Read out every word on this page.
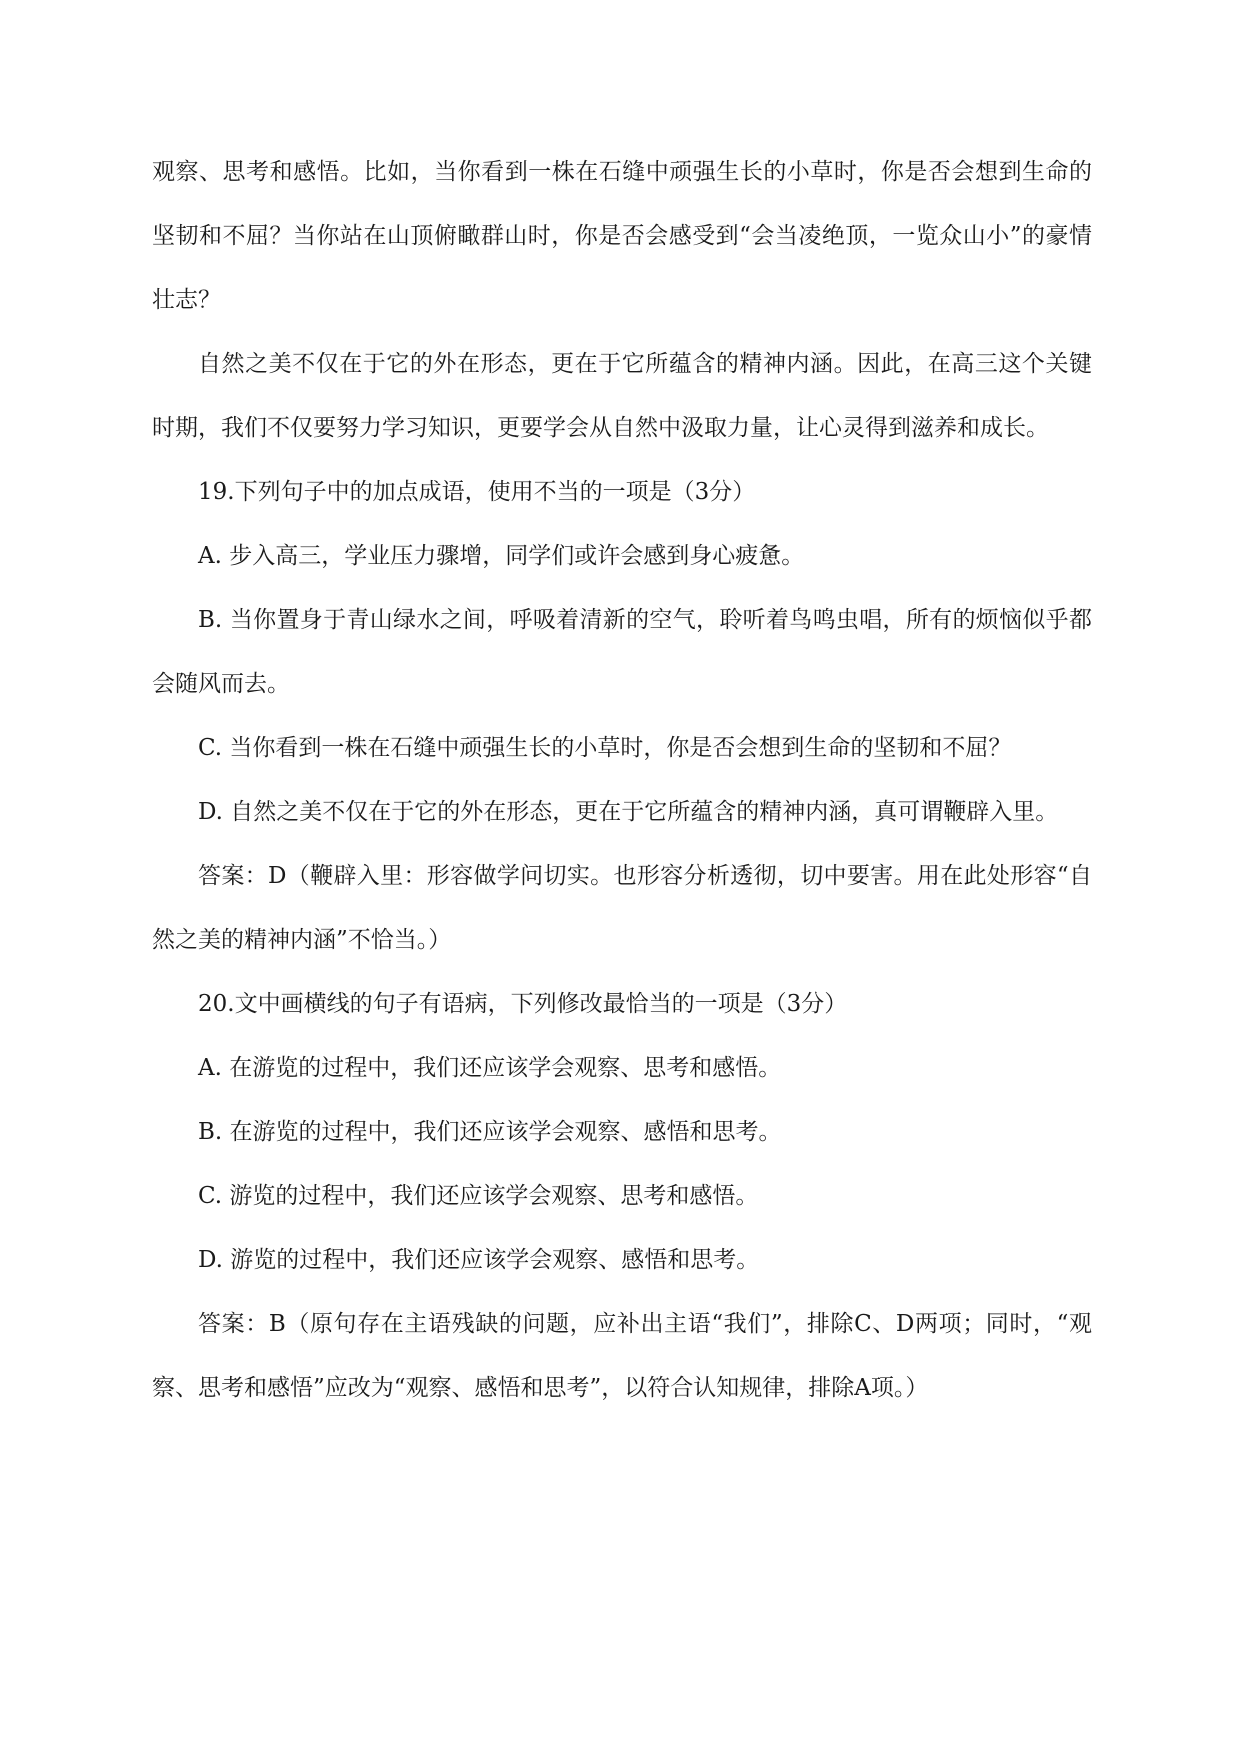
观察、思考和感悟。比如，当你看到一株在石缝中顽强生长的小草时，你是否会想到生命的坚韧和不屈？当你站在山顶俯瞰群山时，你是否会感受到“会当凌绝顶，一览众山小”的豪情壮志？

自然之美不仅在于它的外在形态，更在于它所蕴含的精神内涵。因此，在高三这个关键时期，我们不仅要努力学习知识，更要学会从自然中汲取力量，让心灵得到滋养和成长。

19.下列句子中的加点成语，使用不当的一项是（3分）

A. 步入高三，学业压力骤增，同学们或许会感到身心疲惫。

B. 当你置身于青山绿水之间，呼吸着清新的空气，聆听着鸟鸣虫唱，所有的烦恼似乎都会随风而去。

C. 当你看到一株在石缝中顽强生长的小草时，你是否会想到生命的坚韧和不屈？

D. 自然之美不仅在于它的外在形态，更在于它所蕴含的精神内涵，真可谓鞭辟入里。

答案：D（鞭辟入里：形容做学问切实。也形容分析透彻，切中要害。用在此处形容“自然之美的精神内涵”不恰当。）

20.文中画横线的句子有语病，下列修改最恰当的一项是（3分）

A. 在游览的过程中，我们还应该学会观察、思考和感悟。

B. 在游览的过程中，我们还应该学会观察、感悟和思考。

C. 游览的过程中，我们还应该学会观察、思考和感悟。

D. 游览的过程中，我们还应该学会观察、感悟和思考。

答案：B（原句存在主语残缺的问题，应补出主语“我们”，排除C、D两项；同时，“观察、思考和感悟”应改为“观察、感悟和思考”，以符合认知规律，排除A项。）
